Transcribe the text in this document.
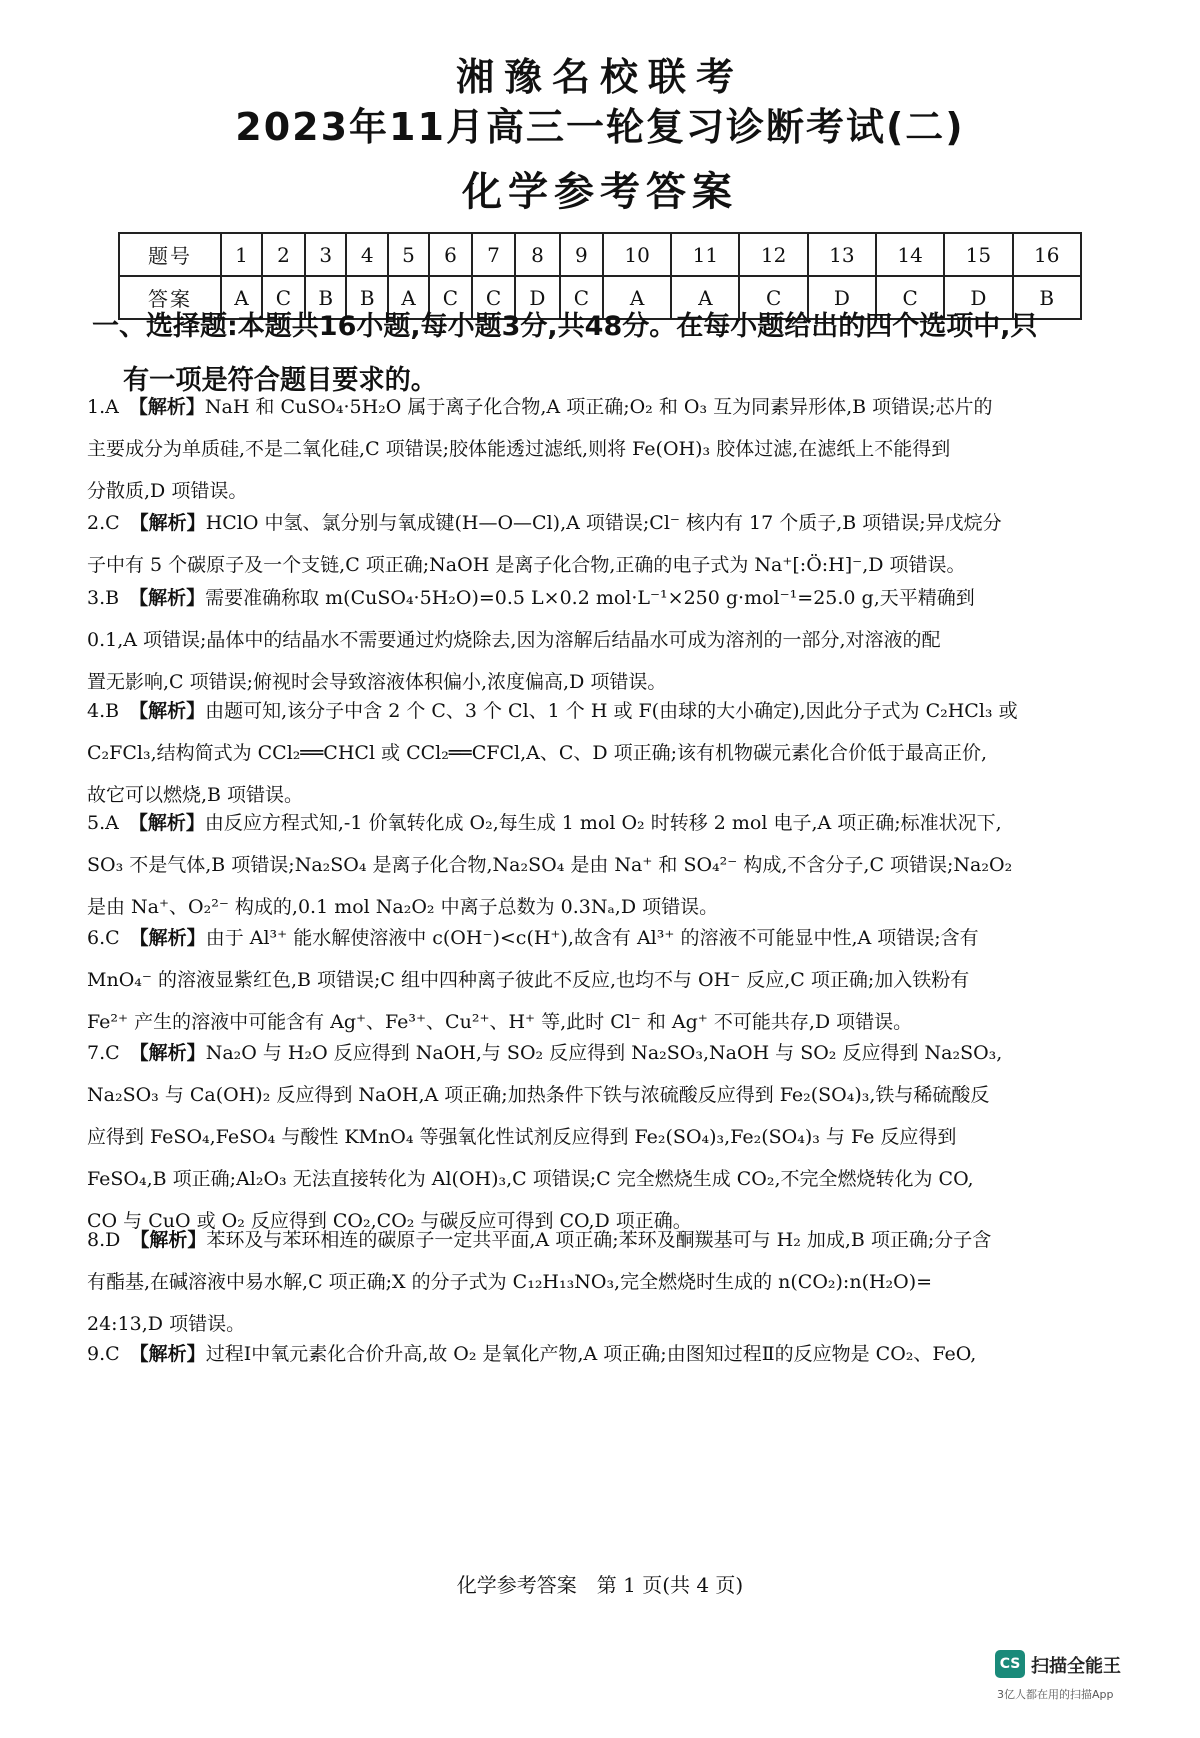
湘豫名校联考
2023年11月高三一轮复习诊断考试(二)
化学参考答案
题号	1	2	3	4	5	6	7	8	9	10	11	12	13	14	15	16
答案	A	C	B	B	A	C	C	D	C	A	A	C	D	C	D	B
一、选择题:本题共16小题,每小题3分,共48分。在每小题给出的四个选项中,只
有一项是符合题目要求的。
1.A 【解析】NaH 和 CuSO₄·5H₂O 属于离子化合物,A 项正确;O₂ 和 O₃ 互为同素异形体,B 项错误;芯片的
主要成分为单质硅,不是二氧化硅,C 项错误;胶体能透过滤纸,则将 Fe(OH)₃ 胶体过滤,在滤纸上不能得到
分散质,D 项错误。
2.C 【解析】HClO 中氢、氯分别与氧成键(H—O—Cl),A 项错误;Cl⁻ 核内有 17 个质子,B 项错误;异戊烷分
子中有 5 个碳原子及一个支链,C 项正确;NaOH 是离子化合物,正确的电子式为 Na⁺[:Ö:H]⁻,D 项错误。
3.B 【解析】需要准确称取 m(CuSO₄·5H₂O)=0.5 L×0.2 mol·L⁻¹×250 g·mol⁻¹=25.0 g,天平精确到
0.1,A 项错误;晶体中的结晶水不需要通过灼烧除去,因为溶解后结晶水可成为溶剂的一部分,对溶液的配
置无影响,C 项错误;俯视时会导致溶液体积偏小,浓度偏高,D 项错误。
4.B 【解析】由题可知,该分子中含 2 个 C、3 个 Cl、1 个 H 或 F(由球的大小确定),因此分子式为 C₂HCl₃ 或
C₂FCl₃,结构简式为 CCl₂══CHCl 或 CCl₂══CFCl,A、C、D 项正确;该有机物碳元素化合价低于最高正价,
故它可以燃烧,B 项错误。
5.A 【解析】由反应方程式知,-1 价氧转化成 O₂,每生成 1 mol O₂ 时转移 2 mol 电子,A 项正确;标准状况下,
SO₃ 不是气体,B 项错误;Na₂SO₄ 是离子化合物,Na₂SO₄ 是由 Na⁺ 和 SO₄²⁻ 构成,不含分子,C 项错误;Na₂O₂
是由 Na⁺、O₂²⁻ 构成的,0.1 mol Na₂O₂ 中离子总数为 0.3Nₐ,D 项错误。
6.C 【解析】由于 Al³⁺ 能水解使溶液中 c(OH⁻)<c(H⁺),故含有 Al³⁺ 的溶液不可能显中性,A 项错误;含有
MnO₄⁻ 的溶液显紫红色,B 项错误;C 组中四种离子彼此不反应,也均不与 OH⁻ 反应,C 项正确;加入铁粉有
Fe²⁺ 产生的溶液中可能含有 Ag⁺、Fe³⁺、Cu²⁺、H⁺ 等,此时 Cl⁻ 和 Ag⁺ 不可能共存,D 项错误。
7.C 【解析】Na₂O 与 H₂O 反应得到 NaOH,与 SO₂ 反应得到 Na₂SO₃,NaOH 与 SO₂ 反应得到 Na₂SO₃,
Na₂SO₃ 与 Ca(OH)₂ 反应得到 NaOH,A 项正确;加热条件下铁与浓硫酸反应得到 Fe₂(SO₄)₃,铁与稀硫酸反
应得到 FeSO₄,FeSO₄ 与酸性 KMnO₄ 等强氧化性试剂反应得到 Fe₂(SO₄)₃,Fe₂(SO₄)₃ 与 Fe 反应得到
FeSO₄,B 项正确;Al₂O₃ 无法直接转化为 Al(OH)₃,C 项错误;C 完全燃烧生成 CO₂,不完全燃烧转化为 CO,
CO 与 CuO 或 O₂ 反应得到 CO₂,CO₂ 与碳反应可得到 CO,D 项正确。
8.D 【解析】苯环及与苯环相连的碳原子一定共平面,A 项正确;苯环及酮羰基可与 H₂ 加成,B 项正确;分子含
有酯基,在碱溶液中易水解,C 项正确;X 的分子式为 C₁₂H₁₃NO₃,完全燃烧时生成的 n(CO₂):n(H₂O)=
24:13,D 项错误。
9.C 【解析】过程Ⅰ中氧元素化合价升高,故 O₂ 是氧化产物,A 项正确;由图知过程Ⅱ的反应物是 CO₂、FeO,
化学参考答案　第 1 页(共 4 页)
CS 扫描全能王
3亿人都在用的扫描App
